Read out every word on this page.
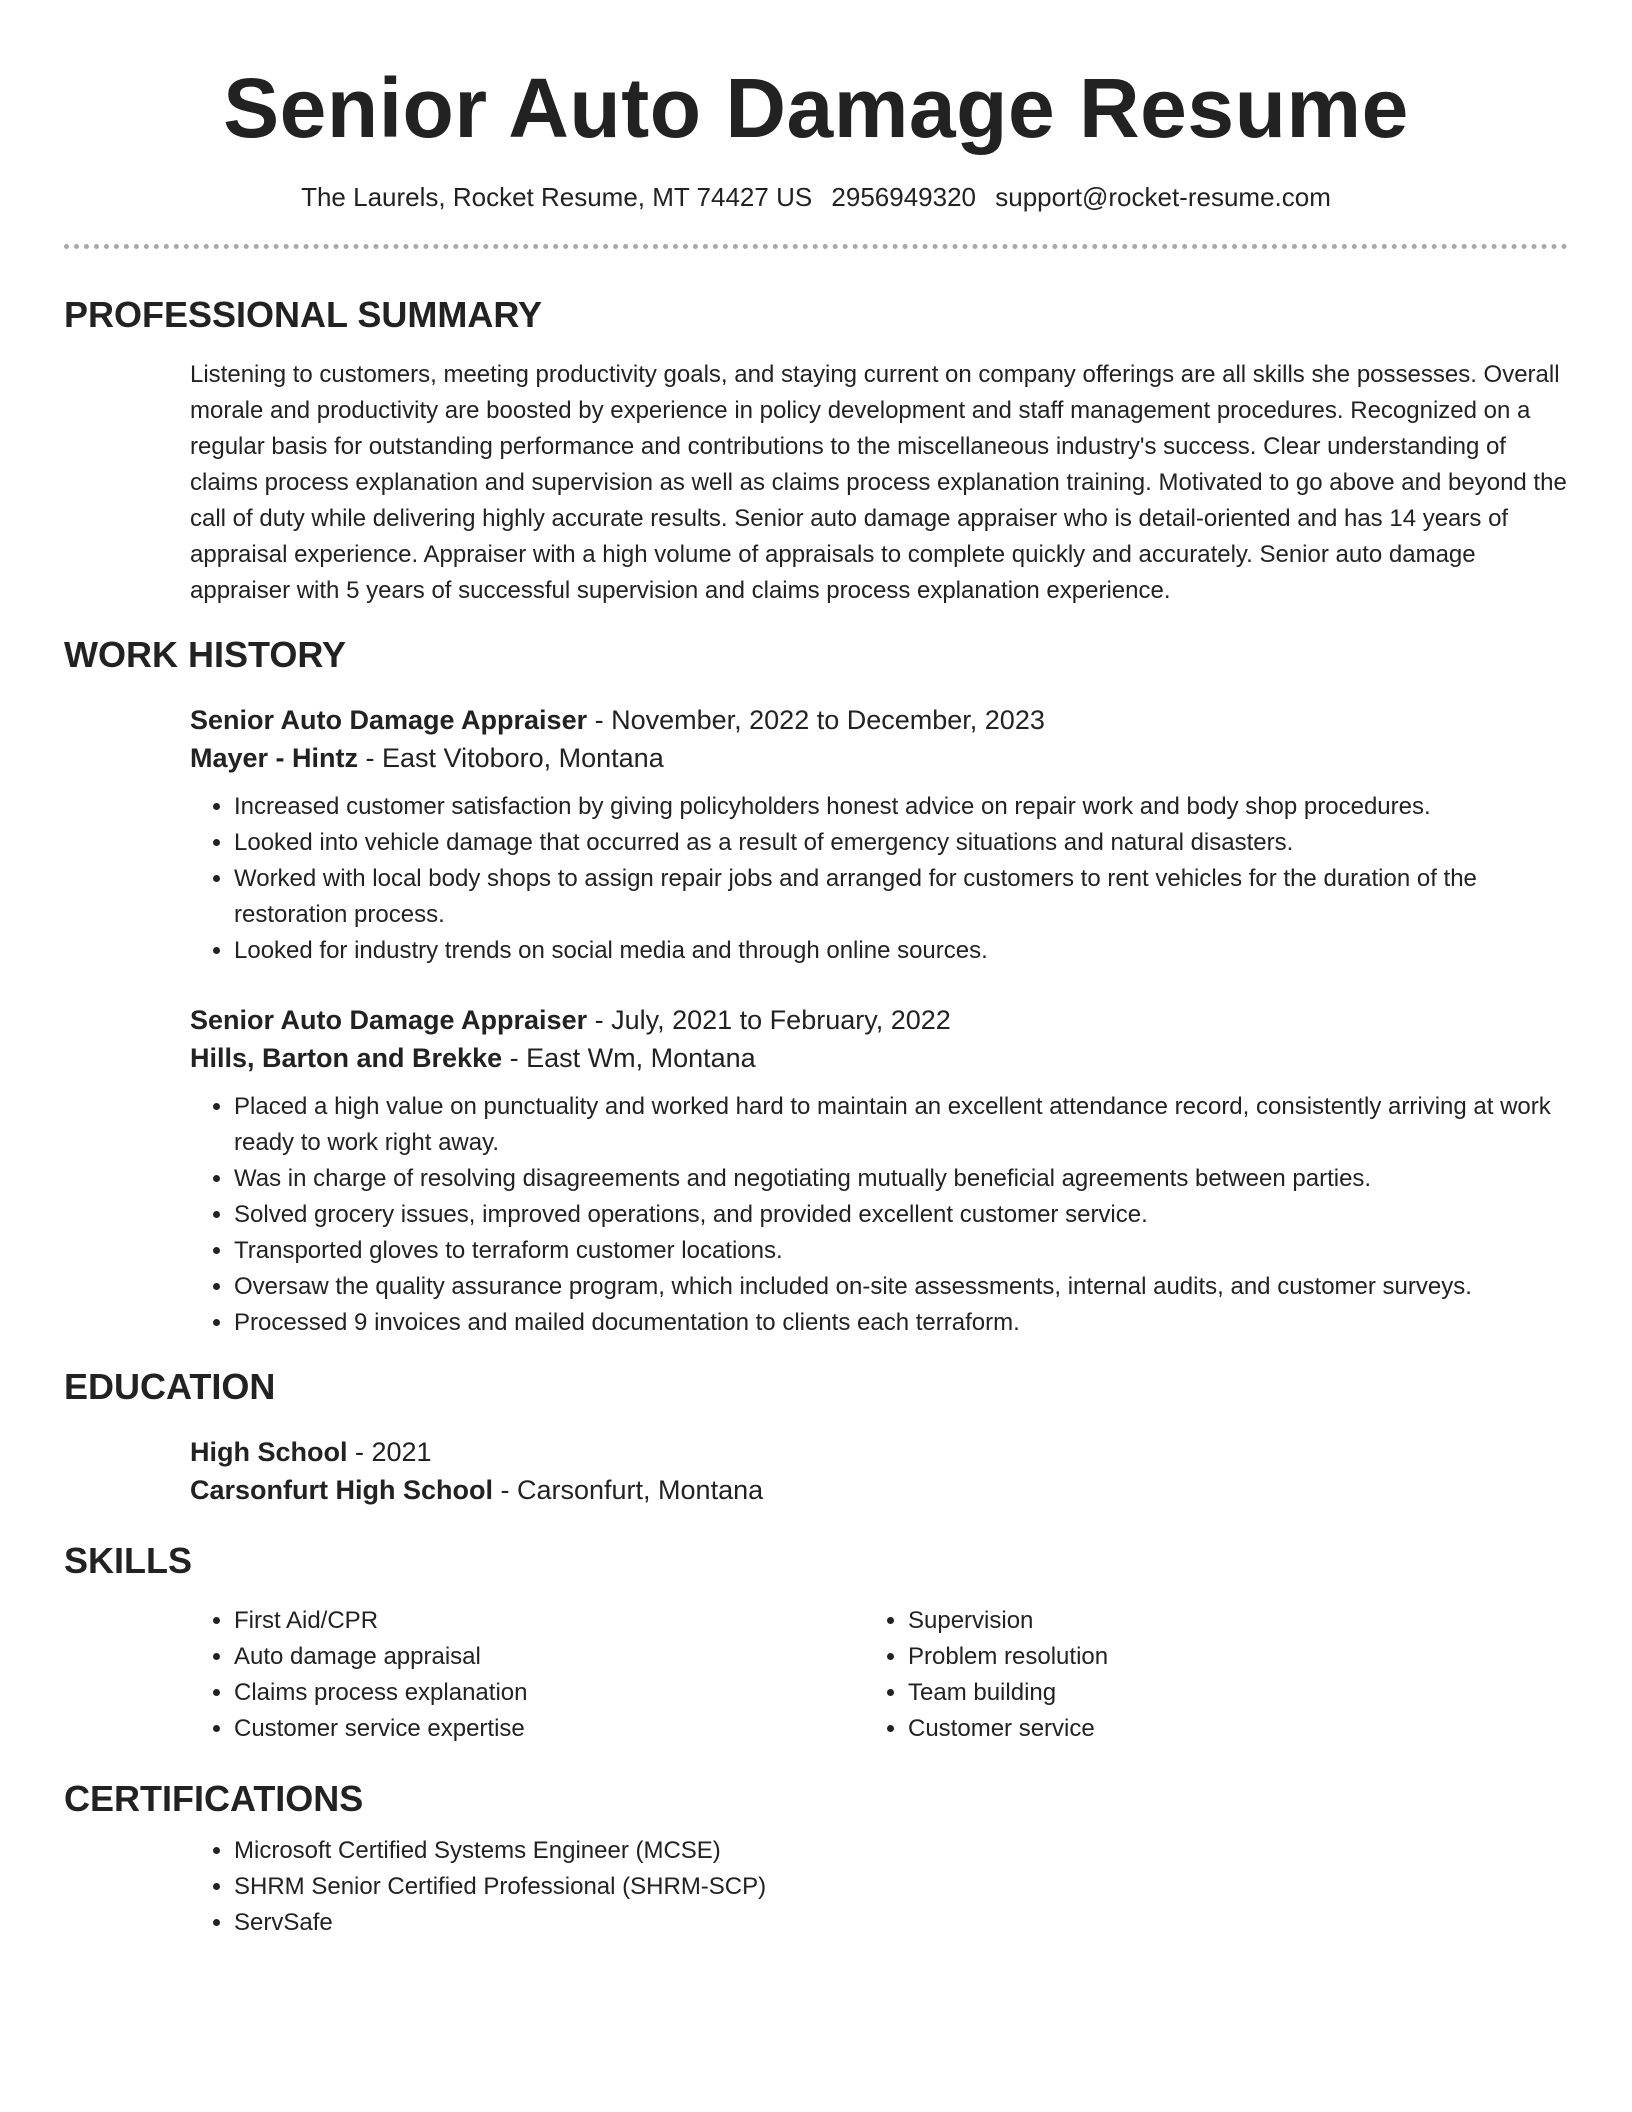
Senior Auto Damage Resume
The Laurels, Rocket Resume, MT 74427 US 2956949320 support@rocket-resume.com
PROFESSIONAL SUMMARY
Listening to customers, meeting productivity goals, and staying current on company offerings are all skills she possesses. Overall morale and productivity are boosted by experience in policy development and staff management procedures. Recognized on a regular basis for outstanding performance and contributions to the miscellaneous industry's success. Clear understanding of claims process explanation and supervision as well as claims process explanation training. Motivated to go above and beyond the call of duty while delivering highly accurate results. Senior auto damage appraiser who is detail-oriented and has 14 years of appraisal experience. Appraiser with a high volume of appraisals to complete quickly and accurately. Senior auto damage appraiser with 5 years of successful supervision and claims process explanation experience.
WORK HISTORY
Senior Auto Damage Appraiser - November, 2022 to December, 2023
Mayer - Hintz - East Vitoboro, Montana
• Increased customer satisfaction by giving policyholders honest advice on repair work and body shop procedures.
• Looked into vehicle damage that occurred as a result of emergency situations and natural disasters.
• Worked with local body shops to assign repair jobs and arranged for customers to rent vehicles for the duration of the restoration process.
• Looked for industry trends on social media and through online sources.
Senior Auto Damage Appraiser - July, 2021 to February, 2022
Hills, Barton and Brekke - East Wm, Montana
• Placed a high value on punctuality and worked hard to maintain an excellent attendance record, consistently arriving at work ready to work right away.
• Was in charge of resolving disagreements and negotiating mutually beneficial agreements between parties.
• Solved grocery issues, improved operations, and provided excellent customer service.
• Transported gloves to terraform customer locations.
• Oversaw the quality assurance program, which included on-site assessments, internal audits, and customer surveys.
• Processed 9 invoices and mailed documentation to clients each terraform.
EDUCATION
High School - 2021
Carsonfurt High School - Carsonfurt, Montana
SKILLS
• First Aid/CPR
• Auto damage appraisal
• Claims process explanation
• Customer service expertise
• Supervision
• Problem resolution
• Team building
• Customer service
CERTIFICATIONS
• Microsoft Certified Systems Engineer (MCSE)
• SHRM Senior Certified Professional (SHRM-SCP)
• ServSafe
